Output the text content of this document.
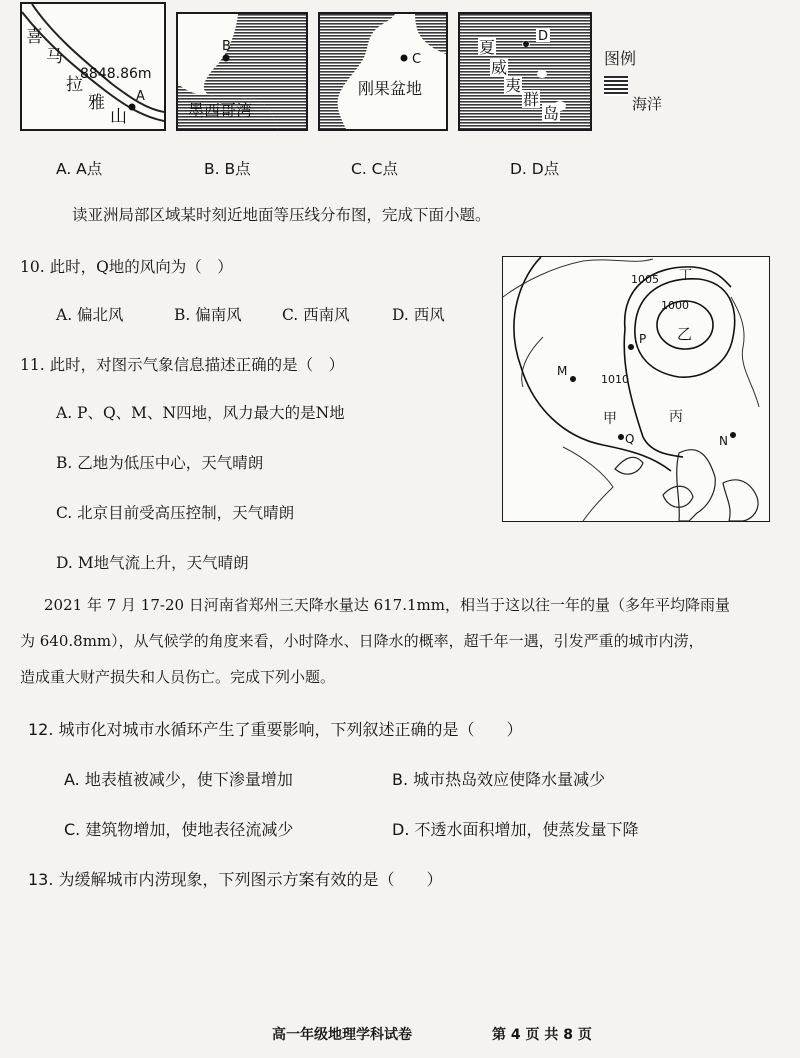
喜
马
拉
雅
山
8848.86m
A
B
墨西哥湾
C
刚果盆地
D
夏
威
夷
群
岛
图例
海洋
A. A点	B. B点	C. C点	D. D点
读亚洲局部区域某时刻近地面等压线分布图，完成下面小题。
10. 此时，Q地的风向为（　）
A. 偏北风	B. 偏南风	C. 西南风	D. 西风
11. 此时，对图示气象信息描述正确的是（　）
A. P、Q、M、N四地，风力最大的是N地
B. 乙地为低压中心，天气晴朗
C. 北京目前受高压控制，天气晴朗
D. M地气流上升，天气晴朗
1005
1000
1010
M
P
Q	N
乙
甲	丙
丁
2021 年 7 月 17-20 日河南省郑州三天降水量达 617.1mm，相当于这以往一年的量（多年平均降雨量
为 640.8mm），从气候学的角度来看，小时降水、日降水的概率，超千年一遇，引发严重的城市内涝，
造成重大财产损失和人员伤亡。完成下列小题。
12. 城市化对城市水循环产生了重要影响，下列叙述正确的是（　　）
A. 地表植被减少，使下渗量增加	B. 城市热岛效应使降水量减少
C. 建筑物增加，使地表径流减少	D. 不透水面积增加，使蒸发量下降
13. 为缓解城市内涝现象，下列图示方案有效的是（　　）
高一年级地理学科试卷	第 4 页 共 8 页
